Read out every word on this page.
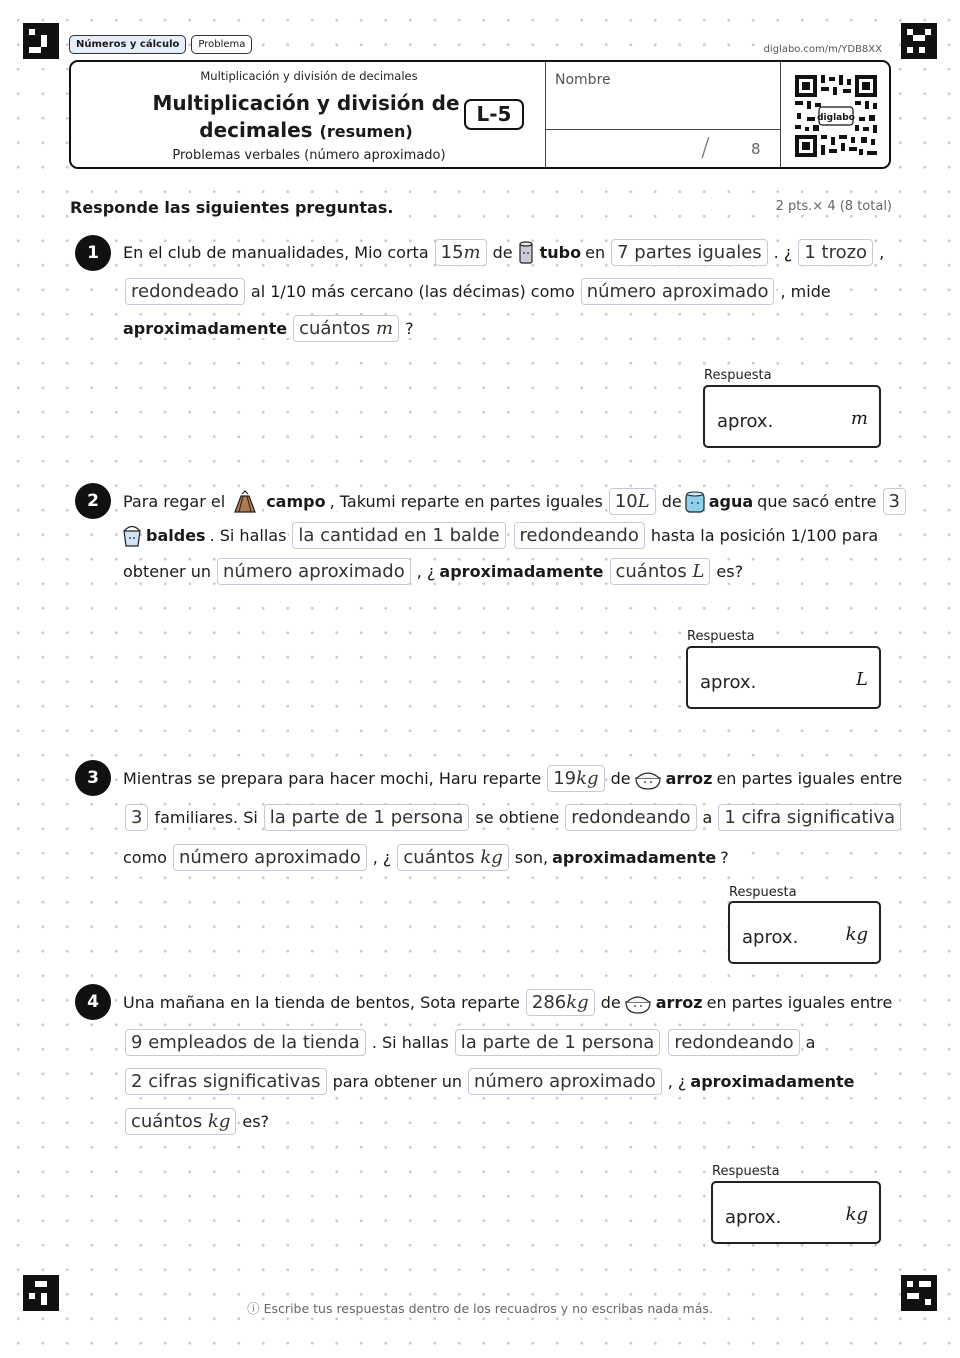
Números y cálculo	Problema	diglabo.com/m/YDB8XX
Multiplicación y división de decimales
Multiplicación y división de decimales (resumen)
Problemas verbales (número aproximado)
L-5
Nombre
/	8
diglabo
Responde las siguientes preguntas.	2 pts.× 4 (8 total)
1	En el club de manualidades, Mio corta 15m de tubo en 7 partes iguales . ¿ 1 trozo ,
redondeado al 1/10 más cercano (las décimas) como número aproximado , mide
aproximadamente cuántos m ?
Respuesta
aprox.	m
2	Para regar el	campo , Takumi reparte en partes iguales 10L de agua que sacó entre 3
baldes . Si hallas la cantidad en 1 balde	redondeando hasta la posición 1/100 para
obtener un número aproximado , ¿ aproximadamente cuántos L es?
Respuesta
aprox.	L
3	Mientras se prepara para hacer mochi, Haru reparte 19kg de arroz en partes iguales entre
3 familiares. Si la parte de 1 persona se obtiene redondeando a 1 cifra significativa
como número aproximado , ¿ cuántos kg son, aproximadamente ?
Respuesta
aprox.	kg
4	Una mañana en la tienda de bentos, Sota reparte 286kg de arroz en partes iguales entre
9 empleados de la tienda . Si hallas la parte de 1 persona	redondeando a
2 cifras significativas para obtener un número aproximado , ¿ aproximadamente
cuántos kg es?
Respuesta
aprox.	kg
ⓘ Escribe tus respuestas dentro de los recuadros y no escribas nada más.
